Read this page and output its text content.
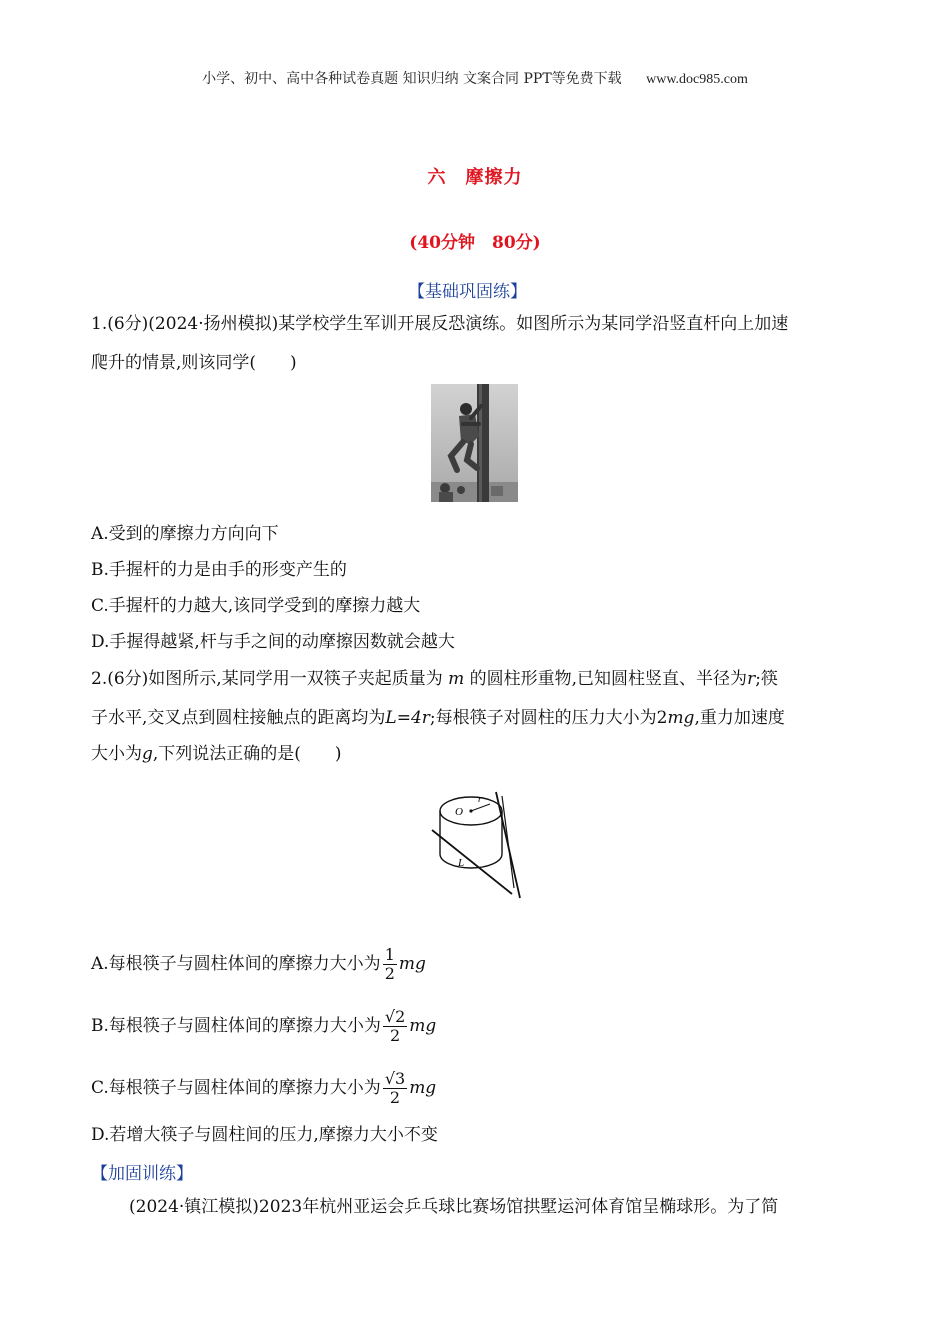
小学、初中、高中各种试卷真题 知识归纳 文案合同 PPT等免费下载 www.doc985.com
六　摩擦力
(40分钟　80分)
【基础巩固练】
1.(6分)(2024·扬州模拟)某学校学生军训开展反恐演练。如图所示为某同学沿竖直杆向上加速
爬升的情景,则该同学(　　)
A.受到的摩擦力方向向下
B.手握杆的力是由手的形变产生的
C.手握杆的力越大,该同学受到的摩擦力越大
D.手握得越紧,杆与手之间的动摩擦因数就会越大
2.(6分)如图所示,某同学用一双筷子夹起质量为 m 的圆柱形重物,已知圆柱竖直、半径为r;筷
子水平,交叉点到圆柱接触点的距离均为L=4r;每根筷子对圆柱的压力大小为2mg,重力加速度
大小为g,下列说法正确的是(　　)
O
r
L
A.每根筷子与圆柱体间的摩擦力大小为 $\frac{1}{2}$ mg
B.每根筷子与圆柱体间的摩擦力大小为 $\frac{√2}{2}$ mg
C.每根筷子与圆柱体间的摩擦力大小为 $\frac{√3}{2}$ mg
D.若增大筷子与圆柱间的压力,摩擦力大小不变
【加固训练】
(2024·镇江模拟)2023年杭州亚运会乒乓球比赛场馆拱墅运河体育馆呈椭球形。为了简
